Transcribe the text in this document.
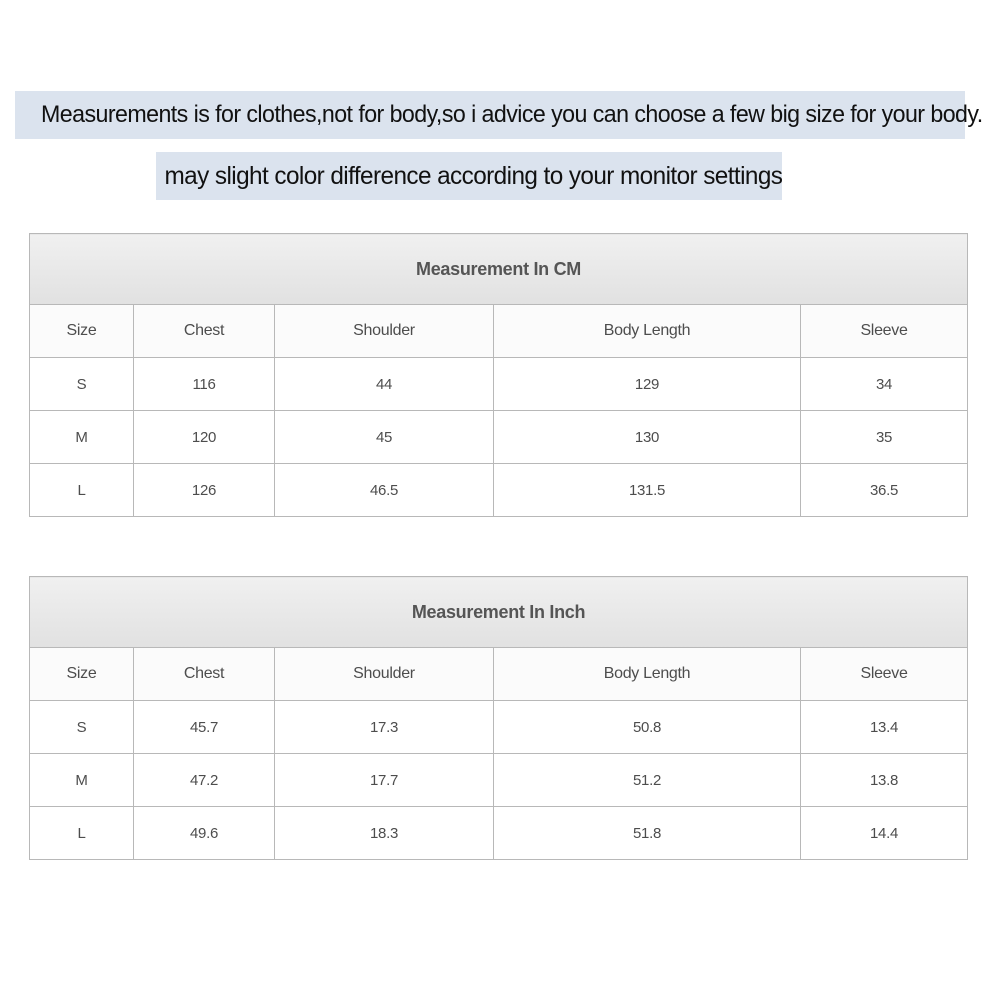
Measurements is for clothes,not for body,so i advice you can choose a few big size for your body.
may slight color difference according to your monitor settings
Measurement In CM				
Size	Chest	Shoulder	Body Length	Sleeve
S	116	44	129	34
M	120	45	130	35
L	126	46.5	131.5	36.5
Measurement In Inch				
Size	Chest	Shoulder	Body Length	Sleeve
S	45.7	17.3	50.8	13.4
M	47.2	17.7	51.2	13.8
L	49.6	18.3	51.8	14.4
